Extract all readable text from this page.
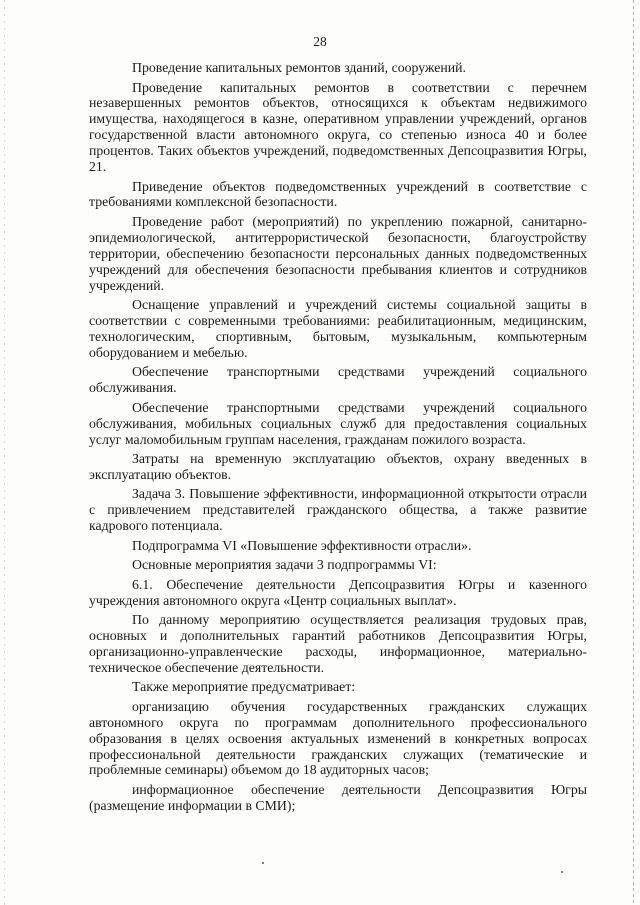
28

Проведение капитальных ремонтов зданий, сооружений.

Проведение капитальных ремонтов в соответствии с перечнем незавершенных ремонтов объектов, относящихся к объектам недвижимого имущества, находящегося в казне, оперативном управлении учреждений, органов государственной власти автономного округа, со степенью износа 40 и более процентов. Таких объектов учреждений, подведомственных Депсоцразвития Югры, 21.

Приведение объектов подведомственных учреждений в соответствие с требованиями комплексной безопасности.

Проведение работ (мероприятий) по укреплению пожарной, санитарно-эпидемиологической, антитеррористической безопасности, благоустройству территории, обеспечению безопасности персональных данных подведомственных учреждений для обеспечения безопасности пребывания клиентов и сотрудников учреждений.

Оснащение управлений и учреждений системы социальной защиты в соответствии с современными требованиями: реабилитационным, медицинским, технологическим, спортивным, бытовым, музыкальным, компьютерным оборудованием и мебелью.

Обеспечение транспортными средствами учреждений социального обслуживания.

Обеспечение транспортными средствами учреждений социального обслуживания, мобильных социальных служб для предоставления социальных услуг маломобильным группам населения, гражданам пожилого возраста.

Затраты на временную эксплуатацию объектов, охрану введенных в эксплуатацию объектов.

Задача 3. Повышение эффективности, информационной открытости отрасли с привлечением представителей гражданского общества, а также развитие кадрового потенциала.

Подпрограмма VI «Повышение эффективности отрасли».

Основные мероприятия задачи 3 подпрограммы VI:

6.1. Обеспечение деятельности Депсоцразвития Югры и казенного учреждения автономного округа «Центр социальных выплат».

По данному мероприятию осуществляется реализация трудовых прав, основных и дополнительных гарантий работников Депсоцразвития Югры, организационно-управленческие расходы, информационное, материально-техническое обеспечение деятельности.

Также мероприятие предусматривает:

организацию обучения государственных гражданских служащих автономного округа по программам дополнительного профессионального образования в целях освоения актуальных изменений в конкретных вопросах профессиональной деятельности гражданских служащих (тематические и проблемные семинары) объемом до 18 аудиторных часов;

информационное обеспечение деятельности Депсоцразвития Югры (размещение информации в СМИ);
